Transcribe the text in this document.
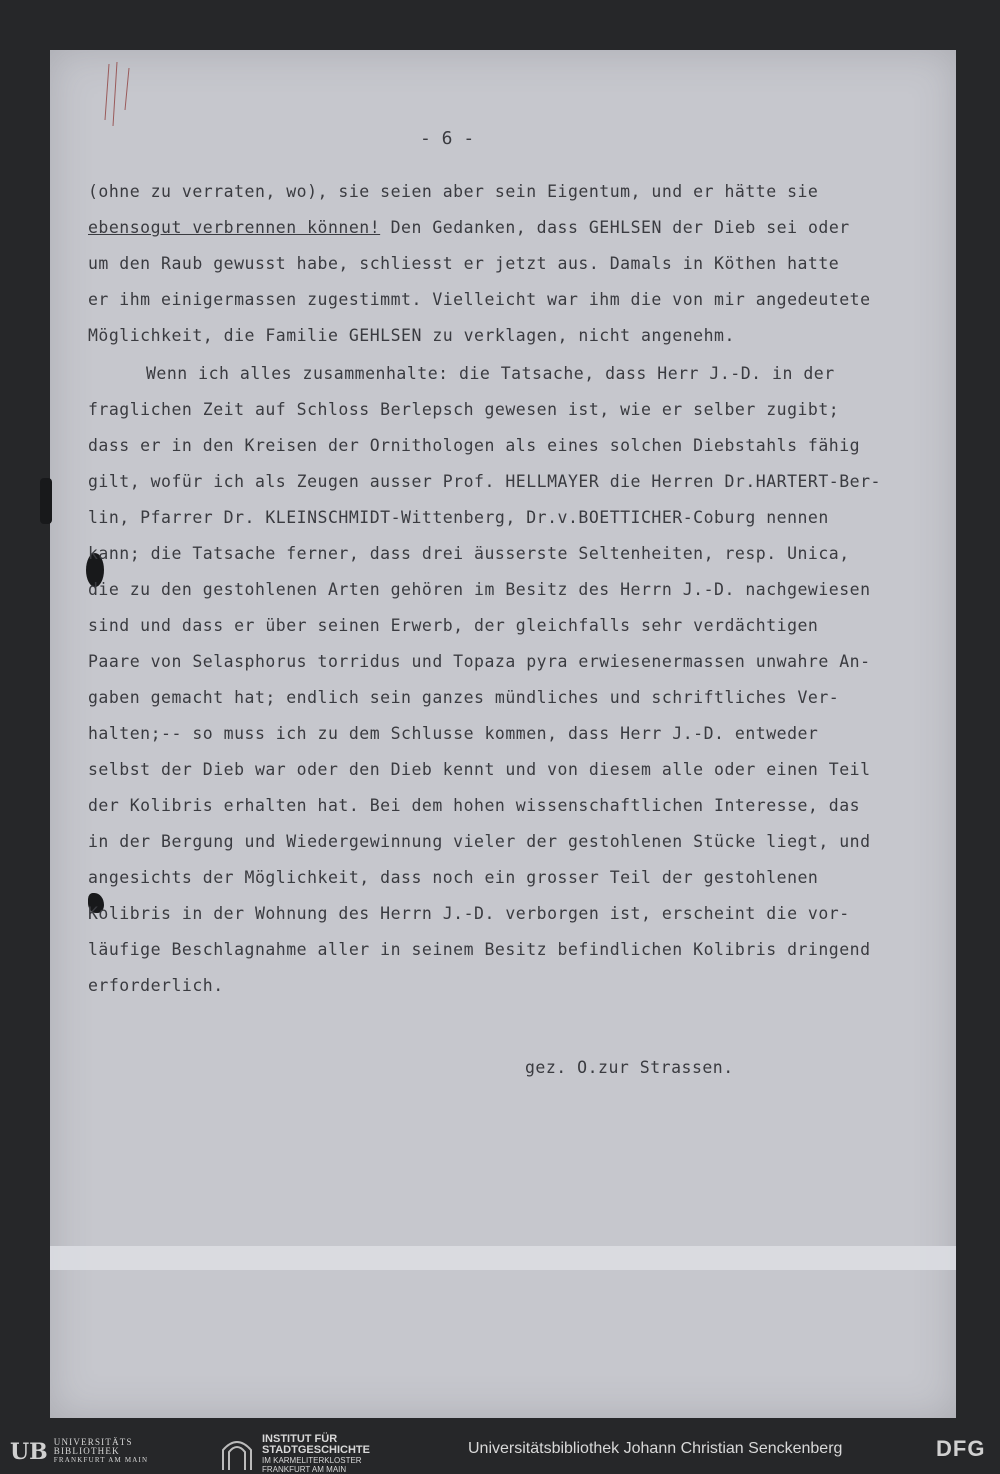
- 6 -
(ohne zu verraten, wo), sie seien aber sein Eigentum, und er hätte sie
ebensogut verbrennen können! Den Gedanken, dass GEHLSEN der Dieb sei oder
um den Raub gewusst habe, schliesst er jetzt aus. Damals in Köthen hatte
er ihm einigermassen zugestimmt. Vielleicht war ihm die von mir angedeutete
Möglichkeit, die Familie GEHLSEN zu verklagen, nicht angenehm.
Wenn ich alles zusammenhalte: die Tatsache, dass Herr J.-D. in der
fraglichen Zeit auf Schloss Berlepsch gewesen ist, wie er selber zugibt;
dass er in den Kreisen der Ornithologen als eines solchen Diebstahls fähig
gilt, wofür ich als Zeugen ausser Prof. HELLMAYER die Herren Dr.HARTERT-Ber-
lin, Pfarrer Dr. KLEINSCHMIDT-Wittenberg, Dr.v.BOETTICHER-Coburg nennen
kann; die Tatsache ferner, dass drei äusserste Seltenheiten, resp. Unica,
die zu den gestohlenen Arten gehören im Besitz des Herrn J.-D. nachgewiesen
sind und dass er über seinen Erwerb, der gleichfalls sehr verdächtigen
Paare von Selasphorus torridus und Topaza pyra erwiesenermassen unwahre An-
gaben gemacht hat; endlich sein ganzes mündliches und schriftliches Ver-
halten;-- so muss ich zu dem Schlusse kommen, dass Herr J.-D. entweder
selbst der Dieb war oder den Dieb kennt und von diesem alle oder einen Teil
der Kolibris erhalten hat. Bei dem hohen wissenschaftlichen Interesse, das
in der Bergung und Wiedergewinnung vieler der gestohlenen Stücke liegt, und
angesichts der Möglichkeit, dass noch ein grosser Teil der gestohlenen
Kolibris in der Wohnung des Herrn J.-D. verborgen ist, erscheint die vor-
läufige Beschlagnahme aller in seinem Besitz befindlichen Kolibris dringend
erforderlich.
gez. O.zur Strassen.
UB UNIVERSITÄTS
BIBLIOTHEK
FRANKFURT AM MAIN
INSTITUT FÜR
STADTGESCHICHTE
IM KARMELITERKLOSTER
FRANKFURT AM MAIN
Universitätsbibliothek Johann Christian Senckenberg	DFG
